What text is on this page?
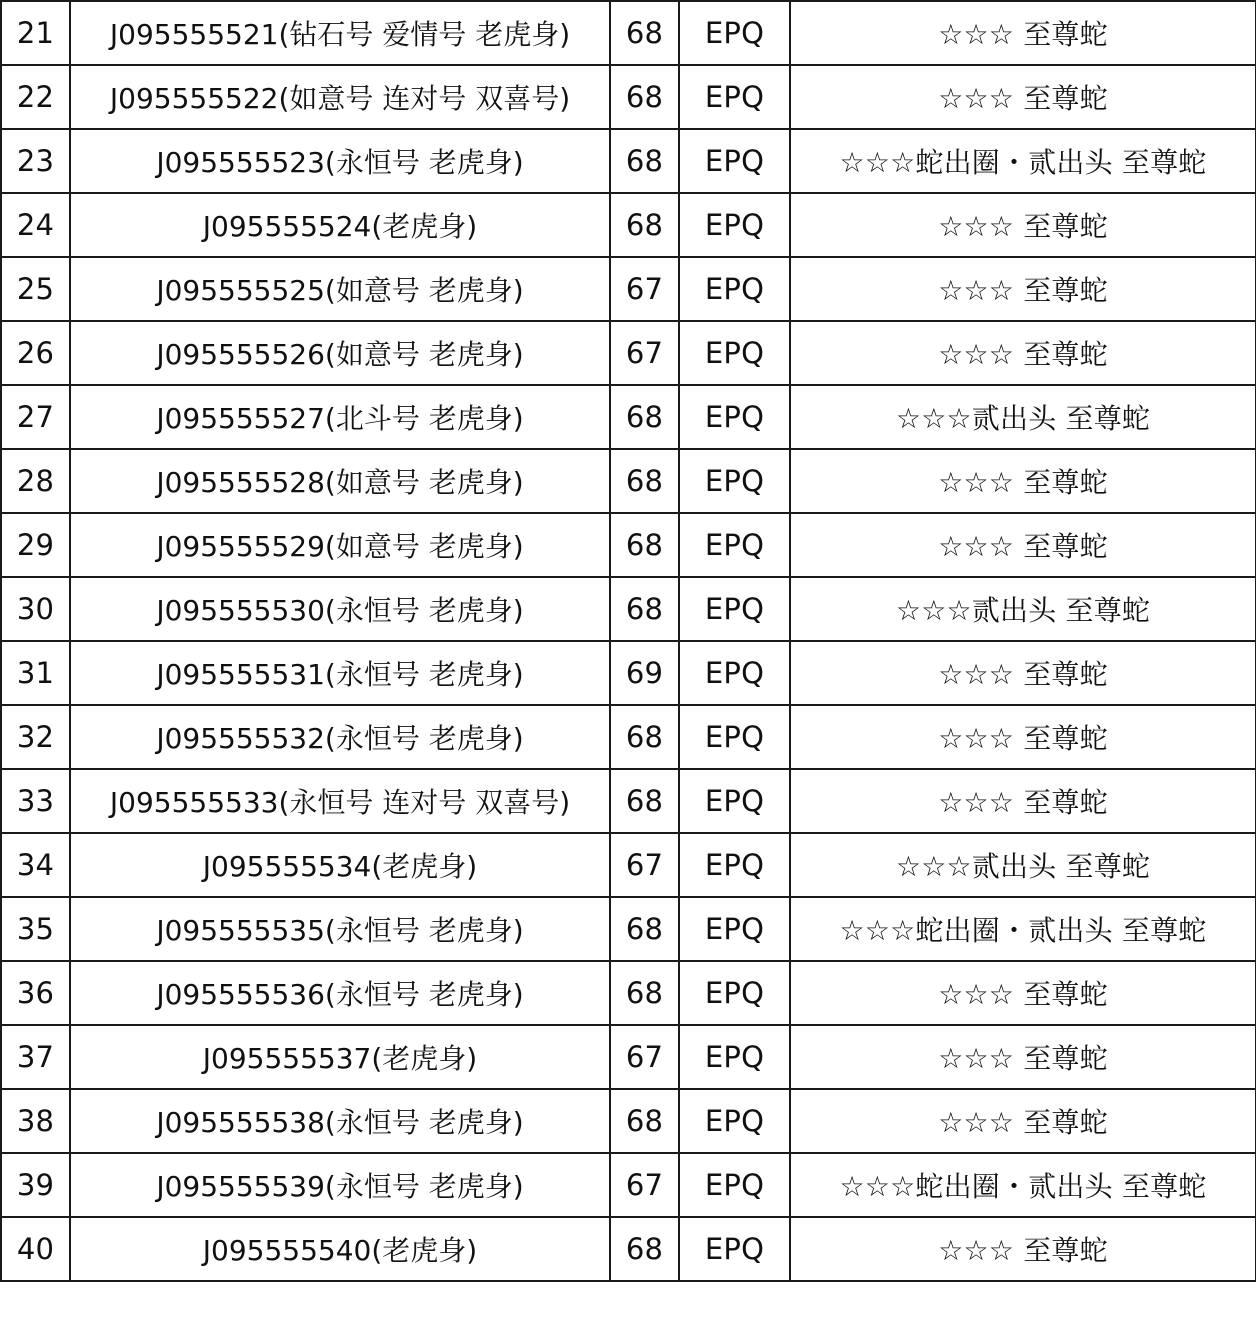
21	J095555521(钻石号 爱情号 老虎身)	68	EPQ	☆☆☆ 至尊蛇
22	J095555522(如意号 连对号 双喜号)	68	EPQ	☆☆☆ 至尊蛇
23	J095555523(永恒号 老虎身)	68	EPQ	☆☆☆蛇出圈・贰出头 至尊蛇
24	J095555524(老虎身)	68	EPQ	☆☆☆ 至尊蛇
25	J095555525(如意号 老虎身)	67	EPQ	☆☆☆ 至尊蛇
26	J095555526(如意号 老虎身)	67	EPQ	☆☆☆ 至尊蛇
27	J095555527(北斗号 老虎身)	68	EPQ	☆☆☆贰出头 至尊蛇
28	J095555528(如意号 老虎身)	68	EPQ	☆☆☆ 至尊蛇
29	J095555529(如意号 老虎身)	68	EPQ	☆☆☆ 至尊蛇
30	J095555530(永恒号 老虎身)	68	EPQ	☆☆☆贰出头 至尊蛇
31	J095555531(永恒号 老虎身)	69	EPQ	☆☆☆ 至尊蛇
32	J095555532(永恒号 老虎身)	68	EPQ	☆☆☆ 至尊蛇
33	J095555533(永恒号 连对号 双喜号)	68	EPQ	☆☆☆ 至尊蛇
34	J095555534(老虎身)	67	EPQ	☆☆☆贰出头 至尊蛇
35	J095555535(永恒号 老虎身)	68	EPQ	☆☆☆蛇出圈・贰出头 至尊蛇
36	J095555536(永恒号 老虎身)	68	EPQ	☆☆☆ 至尊蛇
37	J095555537(老虎身)	67	EPQ	☆☆☆ 至尊蛇
38	J095555538(永恒号 老虎身)	68	EPQ	☆☆☆ 至尊蛇
39	J095555539(永恒号 老虎身)	67	EPQ	☆☆☆蛇出圈・贰出头 至尊蛇
40	J095555540(老虎身)	68	EPQ	☆☆☆ 至尊蛇
